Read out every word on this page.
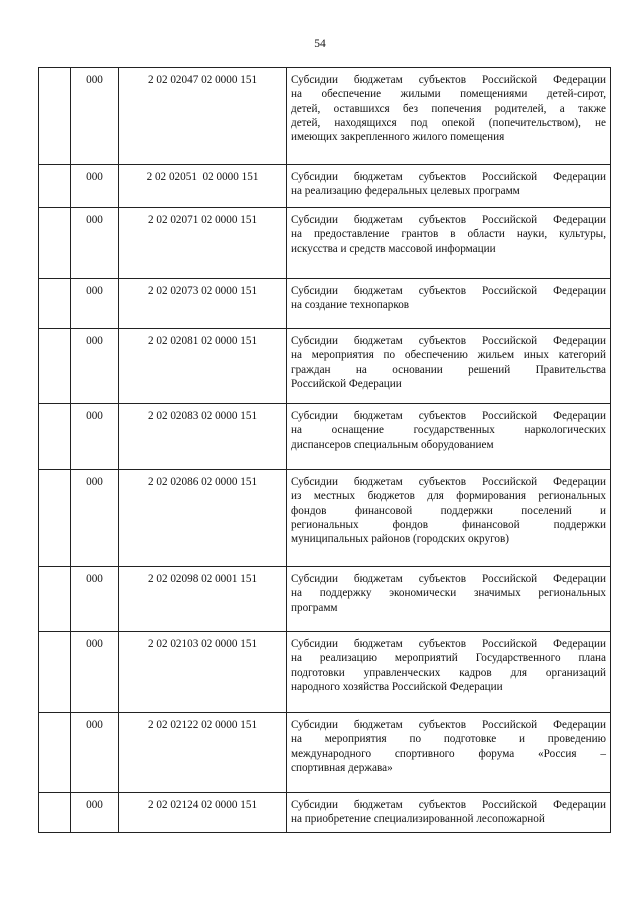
54
	000	2 02 02047 02 0000 151	Субсидии бюджетам субъектов Российской Федерации
на обеспечение жилыми помещениями детей-сирот,
детей, оставшихся без попечения родителей, а также
детей, находящихся под опекой (попечительством), не
имеющих закрепленного жилого помещения

	000	2 02 02051  02 0000 151	Субсидии бюджетам субъектов Российской Федерации
на реализацию федеральных целевых программ

	000	2 02 02071 02 0000 151	Субсидии бюджетам субъектов Российской Федерации
на предоставление грантов в области науки, культуры,
искусства и средств массовой информации

	000	2 02 02073 02 0000 151	Субсидии бюджетам субъектов Российской Федерации
на создание технопарков

	000	2 02 02081 02 0000 151	Субсидии бюджетам субъектов Российской Федерации
на мероприятия по обеспечению жильем иных категорий
граждан на основании решений Правительства
Российской Федерации

	000	2 02 02083 02 0000 151	Субсидии бюджетам субъектов Российской Федерации
на оснащение государственных наркологических
диспансеров специальным оборудованием

	000	2 02 02086 02 0000 151	Субсидии бюджетам субъектов Российской Федерации
из местных бюджетов для формирования региональных
фондов финансовой поддержки поселений и
региональных фондов финансовой поддержки
муниципальных районов (городских округов)

	000	2 02 02098 02 0001 151	Субсидии бюджетам субъектов Российской Федерации
на поддержку экономически значимых региональных
программ

	000	2 02 02103 02 0000 151	Субсидии бюджетам субъектов Российской Федерации
на реализацию мероприятий Государственного плана
подготовки управленческих кадров для организаций
народного хозяйства Российской Федерации

	000	2 02 02122 02 0000 151	Субсидии бюджетам субъектов Российской Федерации
на мероприятия по подготовке и проведению
международного спортивного форума «Россия –
спортивная держава»

	000	2 02 02124 02 0000 151	Субсидии бюджетам субъектов Российской Федерации
на приобретение специализированной лесопожарной
